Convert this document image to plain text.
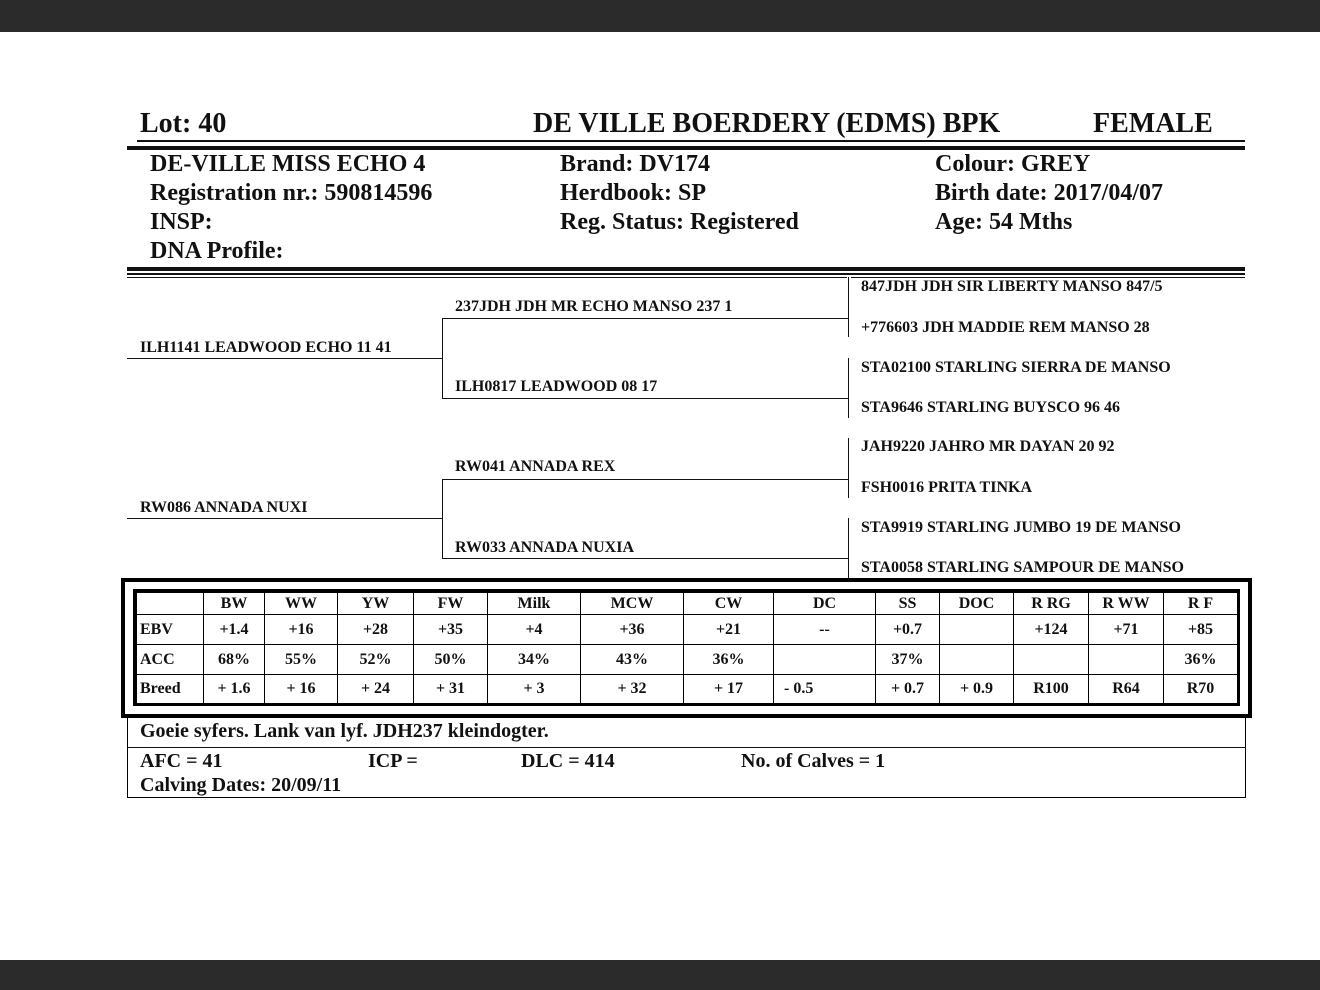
Lot: 40	DE VILLE BOERDERY (EDMS) BPK	FEMALE
DE-VILLE MISS ECHO 4
Registration nr.: 590814596
INSP:
DNA Profile:
Brand: DV174
Herdbook: SP
Reg. Status: Registered
Colour: GREY
Birth date: 2017/04/07
Age: 54 Mths
ILH1141 LEADWOOD ECHO 11 41
RW086 ANNADA NUXI
237JDH JDH MR ECHO MANSO 237 1
ILH0817 LEADWOOD 08 17
RW041 ANNADA REX
RW033 ANNADA NUXIA
847JDH JDH SIR LIBERTY MANSO 847/5
+776603 JDH MADDIE REM MANSO 28
STA02100 STARLING SIERRA DE MANSO
STA9646 STARLING BUYSCO 96 46
JAH9220 JAHRO MR DAYAN 20 92
FSH0016 PRITA TINKA
STA9919 STARLING JUMBO 19 DE MANSO
STA0058 STARLING SAMPOUR DE MANSO
	BW	WW	YW	FW	Milk	MCW	CW	DC	SS	DOC	R RG	R WW	R F
EBV	+1.4	+16	+28	+35	+4	+36	+21	--	+0.7		+124	+71	+85
ACC	68%	55%	52%	50%	34%	43%	36%		37%				36%
Breed	+ 1.6	+ 16	+ 24	+ 31	+ 3	+ 32	+ 17	- 0.5	+ 0.7	+ 0.9	R100	R64	R70
Goeie syfers. Lank van lyf. JDH237 kleindogter.
AFC = 41	ICP =	DLC = 414	No. of Calves = 1
Calving Dates: 20/09/11
